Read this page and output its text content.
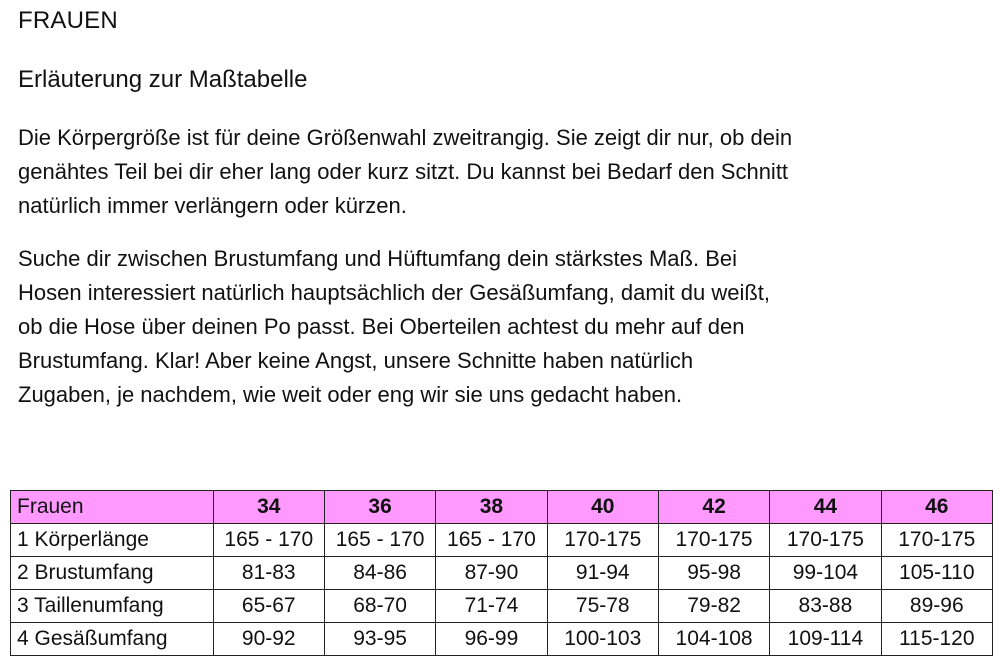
FRAUEN
Erläuterung zur Maßtabelle

Die Körpergröße ist für deine Größenwahl zweitrangig. Sie zeigt dir nur, ob dein
genähtes Teil bei dir eher lang oder kurz sitzt. Du kannst bei Bedarf den Schnitt
natürlich immer verlängern oder kürzen.

Suche dir zwischen Brustumfang und Hüftumfang dein stärkstes Maß. Bei
Hosen interessiert natürlich hauptsächlich der Gesäßumfang, damit du weißt,
ob die Hose über deinen Po passt. Bei Oberteilen achtest du mehr auf den
Brustumfang. Klar! Aber keine Angst, unsere Schnitte haben natürlich
Zugaben, je nachdem, wie weit oder eng wir sie uns gedacht haben.

Frauen	34	36	38	40	42	44	46
1 Körperlänge	165 - 170	165 - 170	165 - 170	170-175	170-175	170-175	170-175
2 Brustumfang	81-83	84-86	87-90	91-94	95-98	99-104	105-110
3 Taillenumfang	65-67	68-70	71-74	75-78	79-82	83-88	89-96
4 Gesäßumfang	90-92	93-95	96-99	100-103	104-108	109-114	115-120
